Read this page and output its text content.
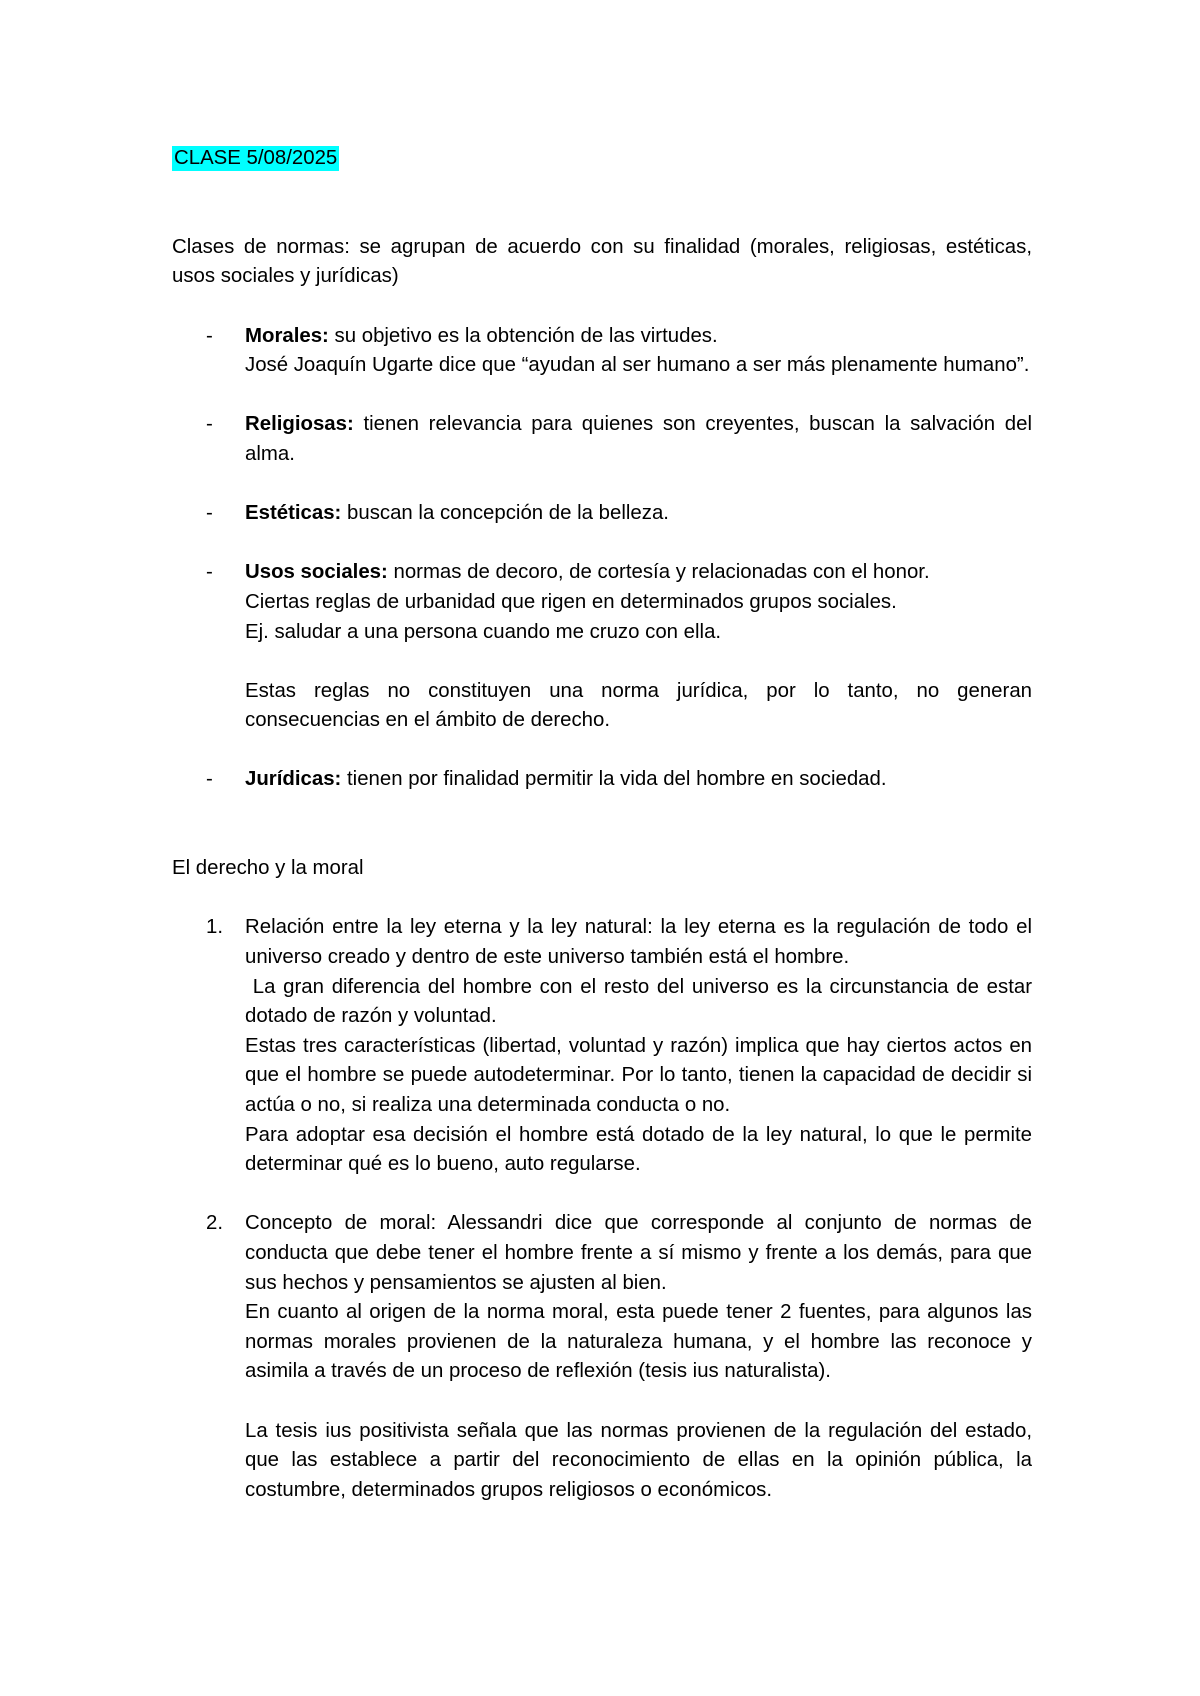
CLASE 5/08/2025

Clases de normas: se agrupan de acuerdo con su finalidad (morales, religiosas, estéticas, usos sociales y jurídicas)

- Morales: su objetivo es la obtención de las virtudes.

José Joaquín Ugarte dice que “ayudan al ser humano a ser más plenamente humano”.

- Religiosas: tienen relevancia para quienes son creyentes, buscan la salvación del alma.

- Estéticas: buscan la concepción de la belleza.

- Usos sociales: normas de decoro, de cortesía y relacionadas con el honor.

Ciertas reglas de urbanidad que rigen en determinados grupos sociales.

Ej. saludar a una persona cuando me cruzo con ella.

Estas reglas no constituyen una norma jurídica, por lo tanto, no generan consecuencias en el ámbito de derecho.

- Jurídicas: tienen por finalidad permitir la vida del hombre en sociedad.

El derecho y la moral

1. Relación entre la ley eterna y la ley natural: la ley eterna es la regulación de todo el universo creado y dentro de este universo también está el hombre.

La gran diferencia del hombre con el resto del universo es la circunstancia de estar dotado de razón y voluntad.

Estas tres características (libertad, voluntad y razón) implica que hay ciertos actos en que el hombre se puede autodeterminar. Por lo tanto, tienen la capacidad de decidir si actúa o no, si realiza una determinada conducta o no.

Para adoptar esa decisión el hombre está dotado de la ley natural, lo que le permite determinar qué es lo bueno, auto regularse.

2. Concepto de moral: Alessandri dice que corresponde al conjunto de normas de conducta que debe tener el hombre frente a sí mismo y frente a los demás, para que sus hechos y pensamientos se ajusten al bien.

En cuanto al origen de la norma moral, esta puede tener 2 fuentes, para algunos las normas morales provienen de la naturaleza humana, y el hombre las reconoce y asimila a través de un proceso de reflexión (tesis ius naturalista).

La tesis ius positivista señala que las normas provienen de la regulación del estado, que las establece a partir del reconocimiento de ellas en la opinión pública, la costumbre, determinados grupos religiosos o económicos.
